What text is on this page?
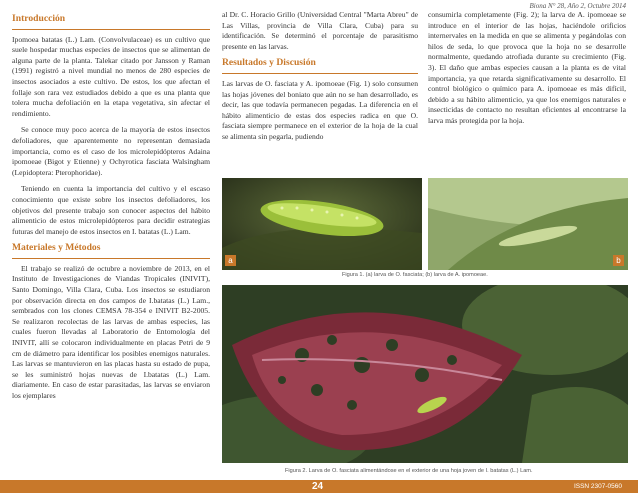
Biona N° 28, Año 2, Octubre 2014
Introducción

Ipomoea batatas (L.) Lam. (Convolvulaceae) es un cultivo que suele hospedar muchas especies de insectos que se alimentan de alguna parte de la planta. Talekar citado por Jansson y Raman (1991) registró a nivel mundial no menos de 280 especies de insectos asociados a este cultivo. De estos, los que afectan el follaje son rara vez estudiados debido a que es una planta que tolera mucha defoliación en la etapa vegetativa, sin afectar el rendimiento.

Se conoce muy poco acerca de la mayoría de estos insectos defoliadores, que aparentemente no representan demasiada importancia, como es el caso de los microlepidópteros Adaina ipomoeae (Bigot y Etienne) y Ochyrotica fasciata Walsingham (Lepidoptera: Pterophoridae).

Teniendo en cuenta la importancia del cultivo y el escaso conocimiento que existe sobre los insectos defoliadores, los objetivos del presente trabajo son conocer aspectos del hábito alimenticio de estos microlepidópteros para decidir estrategias futuras del manejo de estos insectos en I. batatas (L.) Lam.

Materiales y Métodos

El trabajo se realizó de octubre a noviembre de 2013, en el Instituto de Investigaciones de Viandas Tropicales (INIVIT), Santo Domingo, Villa Clara, Cuba. Los insectos se estudiaron por observación directa en dos campos de I.batatas (L.) Lam., sembrados con los clones CEMSA 78-354 e INIVIT B2-2005. Se realizaron recolectas de las larvas de ambas especies, las cuales fueron llevadas al Laboratorio de Entomología del INIVIT, allí se colocaron individualmente en placas Petri de 9 cm de diámetro para identificar los posibles enemigos naturales. Las larvas se mantuvieron en las placas hasta su estado de pupa, se les suministró hojas nuevas de I.batatas (L.) Lam. diariamente. En caso de estar parasitadas, las larvas se enviaron los ejemplares

al Dr. C. Horacio Grillo (Universidad Central "Marta Abreu" de Las Villas, provincia de Villa Clara, Cuba) para su identificación. Se determinó el porcentaje de parasitismo presente en las larvas.

Resultados y Discusión

Las larvas de O. fasciata y A. ipomoeae (Fig. 1) solo consumen las hojas jóvenes del boniato que aún no se han desarrollado, es decir, las que todavía permanecen pegadas. La diferencia en el hábito alimenticio de estas dos especies radica en que O. fasciata siempre permanece en el exterior de la hoja de la cual se alimenta sin pegarla, pudiendo

consumirla completamente (Fig. 2); la larva de A. ipomoeae se introduce en el interior de las hojas, haciéndole orificios internervales en la medida en que se alimenta y pegándolas con hilos de seda, lo que provoca que la hoja no se desarrolle normalmente, quedando atrofiada durante su crecimiento (Fig. 3). El daño que ambas especies causan a la planta es de vital importancia, ya que retarda significativamente su desarrollo. El control biológico o químico para A. ipomoeae es más difícil, debido a su hábito alimenticio, ya que los enemigos naturales e insecticidas de contacto no resultan eficientes al encontrarse la larva más protegida por la hoja.

a	b
Figura 1. (a) larva de O. fasciata; (b) larva de A. ipomoeae.
Figura 2. Larva de O. fasciata alimentándose en el exterior de una hoja joven de I. batatas (L.) Lam.
24	ISSN 2307-0560
